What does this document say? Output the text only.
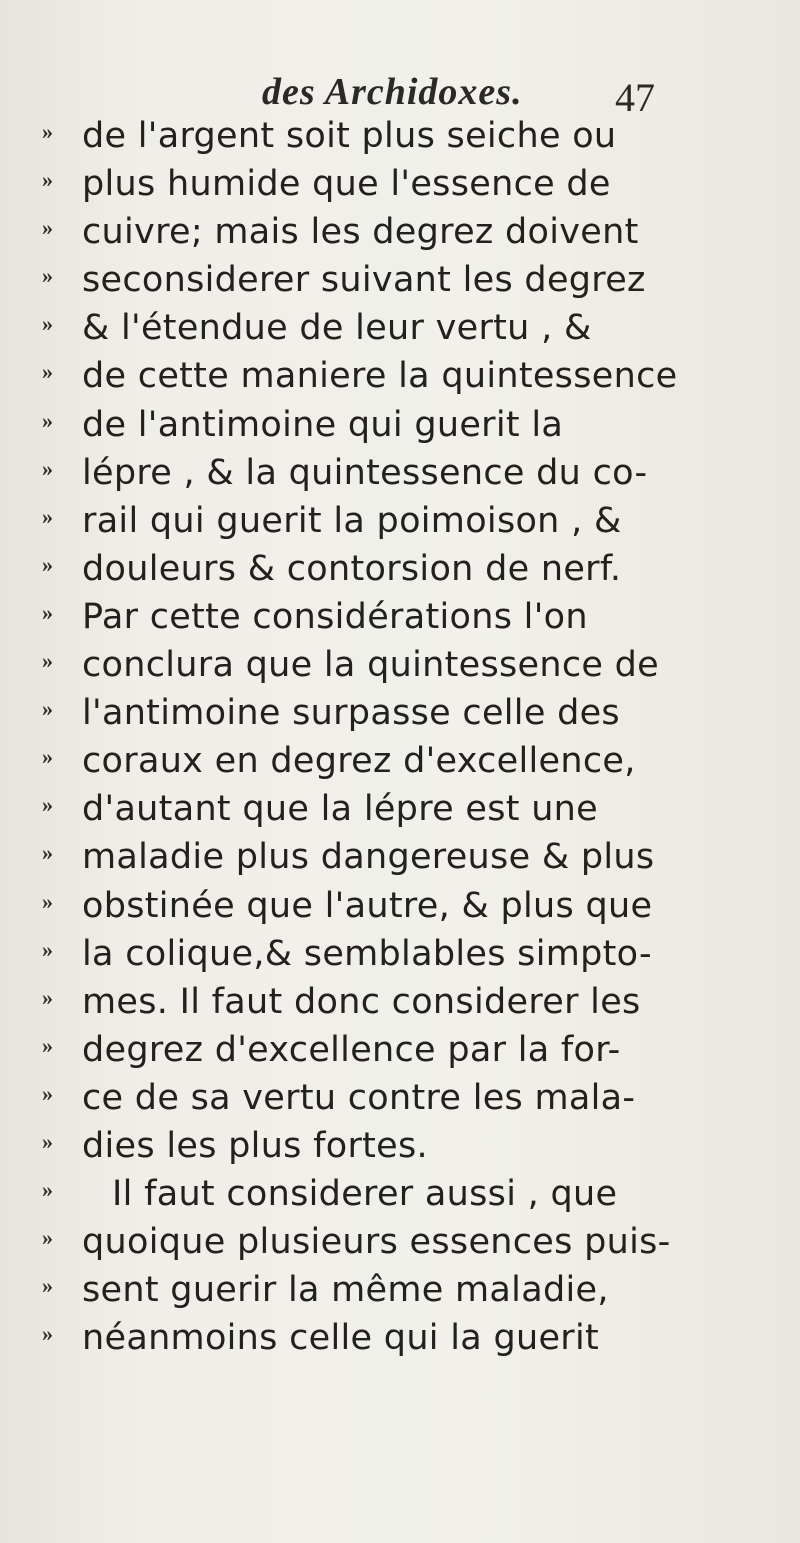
des Archidoxes. 47
» de l'argent soit plus seiche ou
» plus humide que l'essence de
» cuivre; mais les degrez doivent
» seconsiderer suivant les degrez
» & l'étendue de leur vertu , &
» de cette maniere la quintessence
» de l'antimoine qui guerit la
» lépre , & la quintessence du co-
» rail qui guerit la poimoison , &
» douleurs & contorsion de nerf.
» Par cette considérations l'on
» conclura que la quintessence de
» l'antimoine surpasse celle des
» coraux en degrez d'excellence,
» d'autant que la lépre est une
» maladie plus dangereuse & plus
» obstinée que l'autre, & plus que
» la colique,& semblables simpto-
» mes. Il faut donc considerer les
» degrez d'excellence par la for-
» ce de sa vertu contre les mala-
» dies les plus fortes.
» Il faut considerer aussi , que
» quoique plusieurs essences puis-
» sent guerir la même maladie,
» néanmoins celle qui la guerit
